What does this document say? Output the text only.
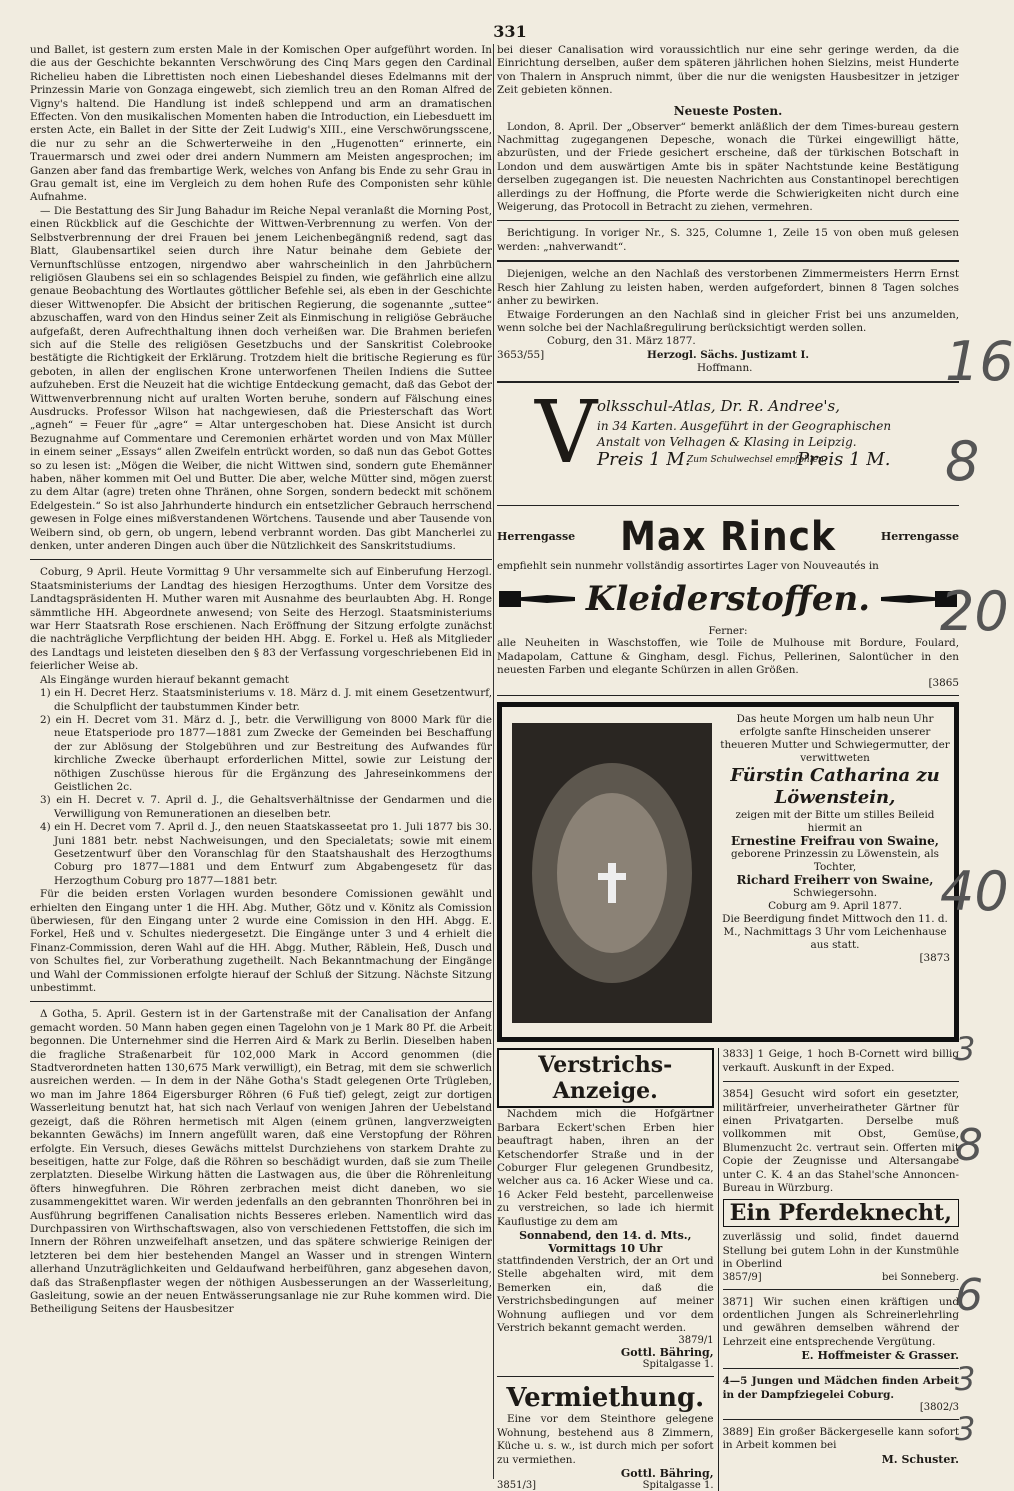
331

und Ballet, ist gestern zum ersten Male in der Komischen Oper aufgeführt worden. In die aus der Geschichte bekannten Verschwörung des Cinq Mars gegen den Cardinal Richelieu haben die Librettisten noch einen Liebeshandel dieses Edelmanns mit der Prinzessin Marie von Gonzaga eingewebt, sich ziemlich treu an den Roman Alfred de Vigny's haltend. Die Handlung ist indeß schleppend und arm an dramatischen Effecten. Von den musikalischen Momenten haben die Introduction, ein Liebesduett im ersten Acte, ein Ballet in der Sitte der Zeit Ludwig's XIII., eine Verschwörungsscene, die nur zu sehr an die Schwerterweihe in den „Hugenotten“ erinnerte, ein Trauermarsch und zwei oder drei andern Nummern am Meisten angesprochen; im Ganzen aber fand das frembartige Werk, welches von Anfang bis Ende zu sehr Grau in Grau gemalt ist, eine im Vergleich zu dem hohen Rufe des Componisten sehr kühle Aufnahme.

— Die Bestattung des Sir Jung Bahadur im Reiche Nepal veranlaßt die Morning Post, einen Rückblick auf die Geschichte der Wittwen-Verbrennung zu werfen. Von der Selbstverbrennung der drei Frauen bei jenem Leichenbegängniß redend, sagt das Blatt, Glaubensartikel seien durch ihre Natur beinahe dem Gebiete der Vernunftschlüsse entzogen, nirgendwo aber wahrscheinlich in den Jahrbüchern religiösen Glaubens sei ein so schlagendes Beispiel zu finden, wie gefährlich eine allzu genaue Beobachtung des Wortlautes göttlicher Befehle sei, als eben in der Geschichte dieser Wittwenopfer. Die Absicht der britischen Regierung, die sogenannte „suttee“ abzuschaffen, ward von den Hindus seiner Zeit als Einmischung in religiöse Gebräuche aufgefaßt, deren Aufrechthaltung ihnen doch verheißen war. Die Brahmen beriefen sich auf die Stelle des religiösen Gesetzbuchs und der Sanskritist Colebrooke bestätigte die Richtigkeit der Erklärung. Trotzdem hielt die britische Regierung es für geboten, in allen der englischen Krone unterworfenen Theilen Indiens die Suttee aufzuheben. Erst die Neuzeit hat die wichtige Entdeckung gemacht, daß das Gebot der Wittwenverbrennung nicht auf uralten Worten beruhe, sondern auf Fälschung eines Ausdrucks. Professor Wilson hat nachgewiesen, daß die Priesterschaft das Wort „agneh“ = Feuer für „agre“ = Altar untergeschoben hat. Diese Ansicht ist durch Bezugnahme auf Commentare und Ceremonien erhärtet worden und von Max Müller in einem seiner „Essays“ allen Zweifeln entrückt worden, so daß nun das Gebot Gottes so zu lesen ist: „Mögen die Weiber, die nicht Wittwen sind, sondern gute Ehemänner haben, näher kommen mit Oel und Butter. Die aber, welche Mütter sind, mögen zuerst zu dem Altar (agre) treten ohne Thränen, ohne Sorgen, sondern bedeckt mit schönem Edelgestein.“ So ist also Jahrhunderte hindurch ein entsetzlicher Gebrauch herrschend gewesen in Folge eines mißverstandenen Wörtchens. Tausende und aber Tausende von Weibern sind, ob gern, ob ungern, lebend verbrannt worden. Das gibt Mancherlei zu denken, unter anderen Dingen auch über die Nützlichkeit des Sanskritstudiums.

Coburg, 9 April. Heute Vormittag 9 Uhr versammelte sich auf Einberufung Herzogl. Staatsministeriums der Landtag des hiesigen Herzogthums. Unter dem Vorsitze des Landtagspräsidenten H. Muther waren mit Ausnahme des beurlaubten Abg. H. Ronge sämmtliche HH. Abgeordnete anwesend; von Seite des Herzogl. Staatsministeriums war Herr Staatsrath Rose erschienen. Nach Eröffnung der Sitzung erfolgte zunächst die nachträgliche Verpflichtung der beiden HH. Abgg. E. Forkel u. Heß als Mitglieder des Landtags und leisteten dieselben den § 83 der Verfassung vorgeschriebenen Eid in feierlicher Weise ab.

Als Eingänge wurden hierauf bekannt gemacht

1) ein H. Decret Herz. Staatsministeriums v. 18. März d. J. mit einem Gesetzentwurf, die Schulpflicht der taubstummen Kinder betr.

2) ein H. Decret vom 31. März d. J., betr. die Verwilligung von 8000 Mark für die neue Etatsperiode pro 1877—1881 zum Zwecke der Gemeinden bei Beschaffung der zur Ablösung der Stolgebühren und zur Bestreitung des Aufwandes für kirchliche Zwecke überhaupt erforderlichen Mittel, sowie zur Leistung der nöthigen Zuschüsse hierous für die Ergänzung des Jahreseinkommens der Geistlichen 2c.

3) ein H. Decret v. 7. April d. J., die Gehaltsverhältnisse der Gendarmen und die Verwilligung von Remunerationen an dieselben betr.

4) ein H. Decret vom 7. April d. J., den neuen Staatskasseetat pro 1. Juli 1877 bis 30. Juni 1881 betr. nebst Nachweisungen, und den Specialetats; sowie mit einem Gesetzentwurf über den Voranschlag für den Staatshaushalt des Herzogthums Coburg pro 1877—1881 und dem Entwurf zum Abgabengesetz für das Herzogthum Coburg pro 1877—1881 betr.

Für die beiden ersten Vorlagen wurden besondere Comissionen gewählt und erhielten den Eingang unter 1 die HH. Abg. Muther, Götz und v. Könitz als Comission überwiesen, für den Eingang unter 2 wurde eine Comission in den HH. Abgg. E. Forkel, Heß und v. Schultes niedergesetzt. Die Eingänge unter 3 und 4 erhielt die Finanz-Commission, deren Wahl auf die HH. Abgg. Muther, Räblein, Heß, Dusch und von Schultes fiel, zur Vorberathung zugetheilt. Nach Bekanntmachung der Eingänge und Wahl der Commissionen erfolgte hierauf der Schluß der Sitzung. Nächste Sitzung unbestimmt.

Δ Gotha, 5. April. Gestern ist in der Gartenstraße mit der Canalisation der Anfang gemacht worden. 50 Mann haben gegen einen Tagelohn von je 1 Mark 80 Pf. die Arbeit begonnen. Die Unternehmer sind die Herren Aird & Mark zu Berlin. Dieselben haben die fragliche Straßenarbeit für 102,000 Mark in Accord genommen (die Stadtverordneten hatten 130,675 Mark verwilligt), ein Betrag, mit dem sie schwerlich ausreichen werden. — In dem in der Nähe Gotha's Stadt gelegenen Orte Trügleben, wo man im Jahre 1864 Eigersburger Röhren (6 Fuß tief) gelegt, zeigt zur dortigen Wasserleitung benutzt hat, hat sich nach Verlauf von wenigen Jahren der Uebelstand gezeigt, daß die Röhren hermetisch mit Algen (einem grünen, langverzweigten bekannten Gewächs) im Innern angefüllt waren, daß eine Verstopfung der Röhren erfolgte. Ein Versuch, dieses Gewächs mittelst Durchziehens von starkem Drahte zu beseitigen, hatte zur Folge, daß die Röhren so beschädigt wurden, daß sie zum Theile zerplatzten. Dieselbe Wirkung hätten die Lastwagen aus, die über die Röhrenleitung öfters hinwegfuhren. Die Röhren zerbrachen meist dicht daneben, wo sie zusammengekittet waren. Wir werden jedenfalls an den gebrannten Thonröhren bei in Ausführung begriffenen Canalisation nichts Besseres erleben. Namentlich wird das Durchpassiren von Wirthschaftswagen, also von verschiedenen Fettstoffen, die sich im Innern der Röhren unzweifelhaft ansetzen, und das spätere schwierige Reinigen der letzteren bei dem hier bestehenden Mangel an Wasser und in strengen Wintern allerhand Unzuträglichkeiten und Geldaufwand herbeiführen, ganz abgesehen davon, daß das Straßenpflaster wegen der nöthigen Ausbesserungen an der Wasserleitung, Gasleitung, sowie an der neuen Entwässerungsanlage nie zur Ruhe kommen wird. Die Betheiligung Seitens der Hausbesitzer

bei dieser Canalisation wird voraussichtlich nur eine sehr geringe werden, da die Einrichtung derselben, außer dem späteren jährlichen hohen Sielzins, meist Hunderte von Thalern in Anspruch nimmt, über die nur die wenigsten Hausbesitzer in jetziger Zeit gebieten können.

Neueste Posten.

London, 8. April. Der „Observer“ bemerkt anläßlich der dem Times-bureau gestern Nachmittag zugegangenen Depesche, wonach die Türkei eingewilligt hätte, abzurüsten, und der Friede gesichert erscheine, daß der türkischen Botschaft in London und dem auswärtigen Amte bis in später Nachtstunde keine Bestätigung derselben zugegangen ist. Die neuesten Nachrichten aus Constantinopel berechtigen allerdings zu der Hoffnung, die Pforte werde die Schwierigkeiten nicht durch eine Weigerung, das Protocoll in Betracht zu ziehen, vermehren.

Berichtigung. In voriger Nr., S. 325, Columne 1, Zeile 15 von oben muß gelesen werden: „nahverwandt“.

Diejenigen, welche an den Nachlaß des verstorbenen Zimmermeisters Herrn Ernst Resch hier Zahlung zu leisten haben, werden aufgefordert, binnen 8 Tagen solches anher zu bewirken.

Etwaige Forderungen an den Nachlaß sind in gleicher Frist bei uns anzumelden, wenn solche bei der Nachlaßregulirung berücksichtigt werden sollen.

Coburg, den 31. März 1877.

3653/55]	Herzogl. Sächs. Justizamt I.
Hoffmann.
V olksschul-Atlas, Dr. R. Andree's,
in 34 Karten. Ausgeführt in der Geographischen
Anstalt von Velhagen & Klasing in Leipzig.
Preis 1 M.
Zum Schulwechsel empfohlen.
Preis 1 M.
Herrengasse Max Rinck	Herrengasse

empfiehlt sein nunmehr vollständig assortirtes Lager von Nouveautés in

Kleiderstoffen.
Ferner:

alle Neuheiten in Waschstoffen, wie Toile de Mulhouse mit Bordure, Foulard, Madapolam, Cattune & Gingham, desgl. Fichus, Pellerinen, Salontücher in den neuesten Farben und elegante Schürzen in allen Größen.

[3865
Das heute Morgen um halb neun Uhr erfolgte sanfte Hinscheiden unserer theueren Mutter und Schwiegermutter, der verwittweten
Fürstin Catharina zu Löwenstein,
zeigen mit der Bitte um stilles Beileid hiermit an
Ernestine Freifrau von Swaine,
geborene Prinzessin zu Löwenstein, als Tochter,
Richard Freiherr von Swaine,
Schwiegersohn.
Coburg am 9. April 1877.
Die Beerdigung findet Mittwoch den 11. d. M., Nachmittags 3 Uhr vom Leichenhause aus statt.
[3873
Verstrichs-Anzeige.

Nachdem mich die Hofgärtner Barbara Eckert'schen Erben hier beauftragt haben, ihren an der Ketschendorfer Straße und in der Coburger Flur gelegenen Grundbesitz, welcher aus ca. 16 Acker Wiese und ca. 16 Acker Feld besteht, parcellenweise zu verstreichen, so lade ich hiermit Kauflustige zu dem am

Sonnabend, den 14. d. Mts., Vormittags 10 Uhr

stattfindenden Verstrich, der an Ort und Stelle abgehalten wird, mit dem Bemerken ein, daß die Verstrichsbedingungen auf meiner Wohnung aufliegen und vor dem Verstrich bekannt gemacht werden.

3879/1
Gottl. Bähring,
Spitalgasse 1.
Vermiethung.

Eine vor dem Steinthore gelegene Wohnung, bestehend aus 8 Zimmern, Küche u. s. w., ist durch mich per sofort zu vermiethen.

Gottl. Bähring,
3851/3]	Spitalgasse 1.

3833] 1 Geige, 1 hoch B-Cornett wird billig verkauft. Auskunft in der Exped.

3854] Gesucht wird sofort ein gesetzter, militärfreier, unverheiratheter Gärtner für einen Privatgarten. Derselbe muß vollkommen mit Obst, Gemüse, Blumenzucht 2c. vertraut sein. Offerten mit Copie der Zeugnisse und Altersangabe unter C. K. 4 an das Stahel'sche Annoncen-Bureau in Würzburg.

Ein Pferdeknecht,

zuverlässig und solid, findet dauernd Stellung bei gutem Lohn in der Kunstmühle in Oberlind

3857/9]	bei Sonneberg.

3871] Wir suchen einen kräftigen und ordentlichen Jungen als Schreinerlehrling und gewähren demselben während der Lehrzeit eine entsprechende Vergütung.

E. Hoffmeister & Grasser.

4—5 Jungen und Mädchen finden Arbeit in der Dampfziegelei Coburg.

[3802/3

3889] Ein großer Bäckergeselle kann sofort in Arbeit kommen bei

M. Schuster.
16
8
20
40
3
8
6
3
3
